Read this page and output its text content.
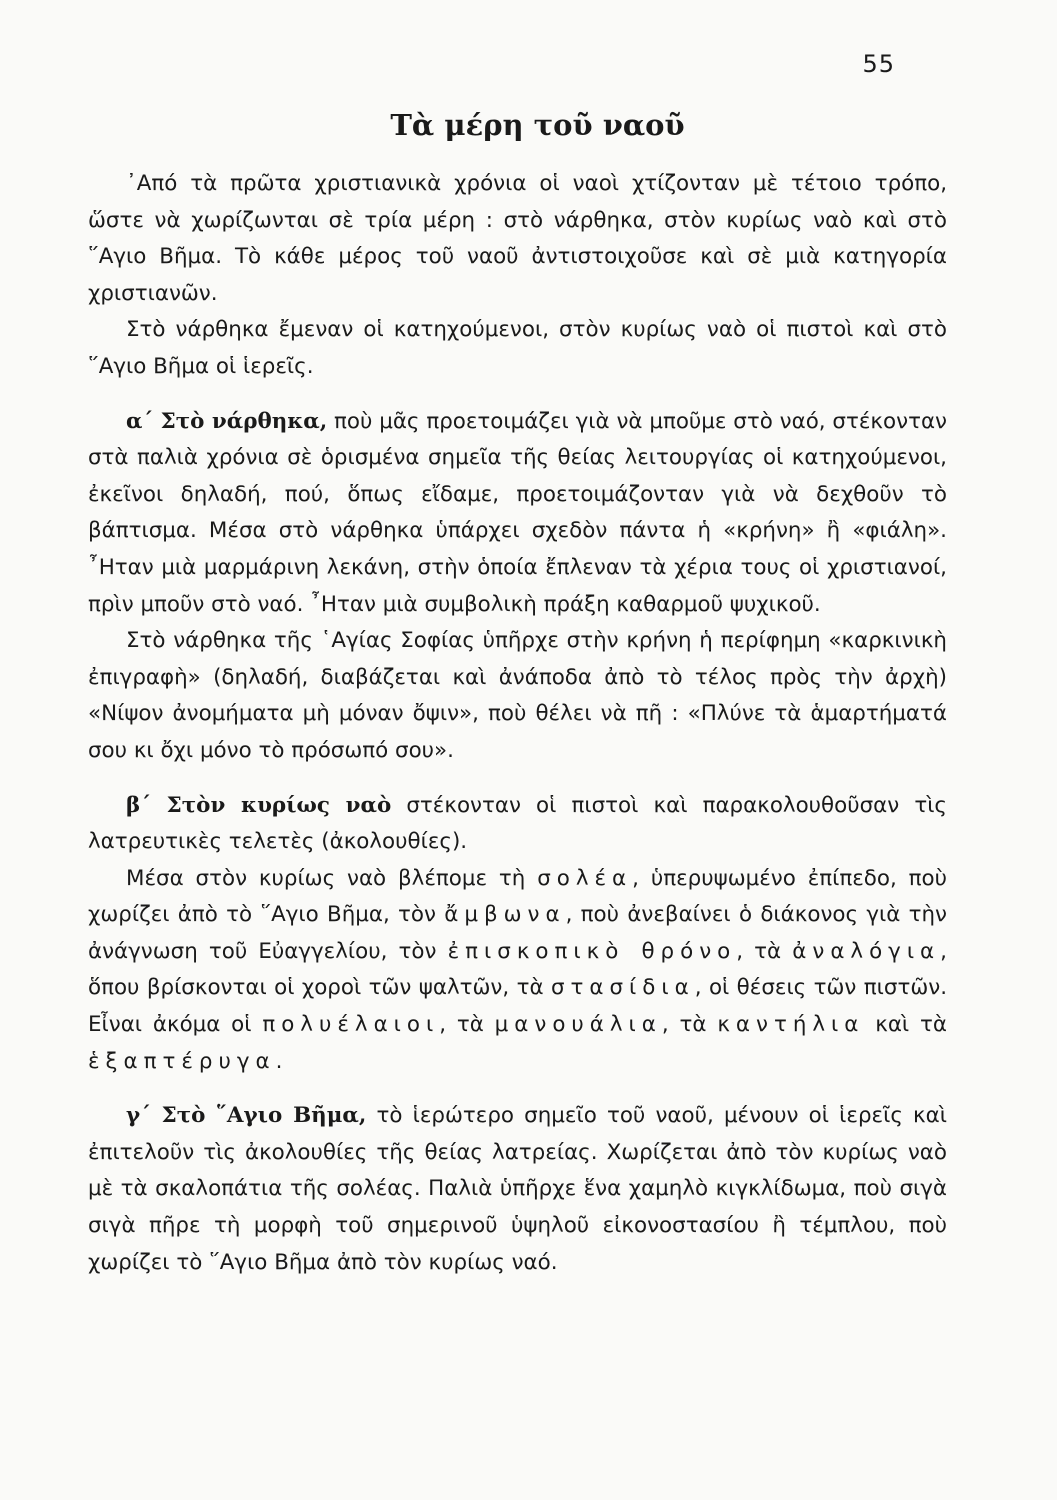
55
Τὰ μέρη τοῦ ναοῦ

᾿Από τὰ πρῶτα χριστιανικὰ χρόνια οἱ ναοὶ χτίζονταν μὲ τέτοιο τρόπο, ὥστε νὰ χωρίζωνται σὲ τρία μέρη : στὸ νάρθηκα, στὸν κυρίως ναὸ καὶ στὸ ῞Αγιο Βῆμα. Τὸ κάθε μέρος τοῦ ναοῦ ἀντιστοιχοῦσε καὶ σὲ μιὰ κατηγορία χριστιανῶν.

Στὸ νάρθηκα ἔμεναν οἱ κατηχούμενοι, στὸν κυρίως ναὸ οἱ πιστοὶ καὶ στὸ ῞Αγιο Βῆμα οἱ ἱερεῖς.

α΄ Στὸ νάρθηκα, ποὺ μᾶς προετοιμάζει γιὰ νὰ μποῦμε στὸ ναό, στέκονταν στὰ παλιὰ χρόνια σὲ ὁρισμένα σημεῖα τῆς θείας λειτουργίας οἱ κατηχούμενοι, ἐκεῖνοι δηλαδή, πού, ὅπως εἴδαμε, προετοιμάζονταν γιὰ νὰ δεχθοῦν τὸ βάπτισμα. Μέσα στὸ νάρθηκα ὑπάρχει σχεδὸν πάντα ἡ «κρήνη» ἢ «φιάλη». ῏Ηταν μιὰ μαρμάρινη λεκάνη, στὴν ὁποία ἔπλεναν τὰ χέρια τους οἱ χριστιανοί, πρὶν μποῦν στὸ ναό. ῏Ηταν μιὰ συμβολικὴ πράξη καθαρμοῦ ψυχικοῦ.

Στὸ νάρθηκα τῆς ῾Αγίας Σοφίας ὑπῆρχε στὴν κρήνη ἡ περίφημη «καρκινικὴ ἐπιγραφὴ» (δηλαδή, διαβάζεται καὶ ἀνάποδα ἀπὸ τὸ τέλος πρὸς τὴν ἀρχὴ) «Νίψον ἀνομήματα μὴ μόναν ὄψιν», ποὺ θέλει νὰ πῆ : «Πλύνε τὰ ἁμαρτήματά σου κι ὄχι μόνο τὸ πρόσωπό σου».

β΄ Στὸν κυρίως ναὸ στέκονταν οἱ πιστοὶ καὶ παρακολουθοῦσαν τὶς λατρευτικὲς τελετὲς (ἀκολουθίες).

Μέσα στὸν κυρίως ναὸ βλέπομε τὴ σολέα, ὑπερυψωμένο ἐπίπεδο, ποὺ χωρίζει ἀπὸ τὸ ῞Αγιο Βῆμα, τὸν ἄμβωνα, ποὺ ἀνεβαίνει ὁ διάκονος γιὰ τὴν ἀνάγνωση τοῦ Εὐαγγελίου, τὸν ἐπισκοπικὸ θρόνο, τὰ ἀναλόγια, ὅπου βρίσκονται οἱ χοροὶ τῶν ψαλτῶν, τὰ στασίδια, οἱ θέσεις τῶν πιστῶν. Εἶναι ἀκόμα οἱ πολυέλαιοι, τὰ μανουάλια, τὰ καντήλια καὶ τὰ ἑξαπτέρυγα.

γ΄ Στὸ ῞Αγιο Βῆμα, τὸ ἱερώτερο σημεῖο τοῦ ναοῦ, μένουν οἱ ἱερεῖς καὶ ἐπιτελοῦν τὶς ἀκολουθίες τῆς θείας λατρείας. Χωρίζεται ἀπὸ τὸν κυρίως ναὸ μὲ τὰ σκαλοπάτια τῆς σολέας. Παλιὰ ὑπῆρχε ἕνα χαμηλὸ κιγκλίδωμα, ποὺ σιγὰ σιγὰ πῆρε τὴ μορφὴ τοῦ σημερινοῦ ὑψηλοῦ εἰκονοστασίου ἢ τέμπλου, ποὺ χωρίζει τὸ ῞Αγιο Βῆμα ἀπὸ τὸν κυρίως ναό.
